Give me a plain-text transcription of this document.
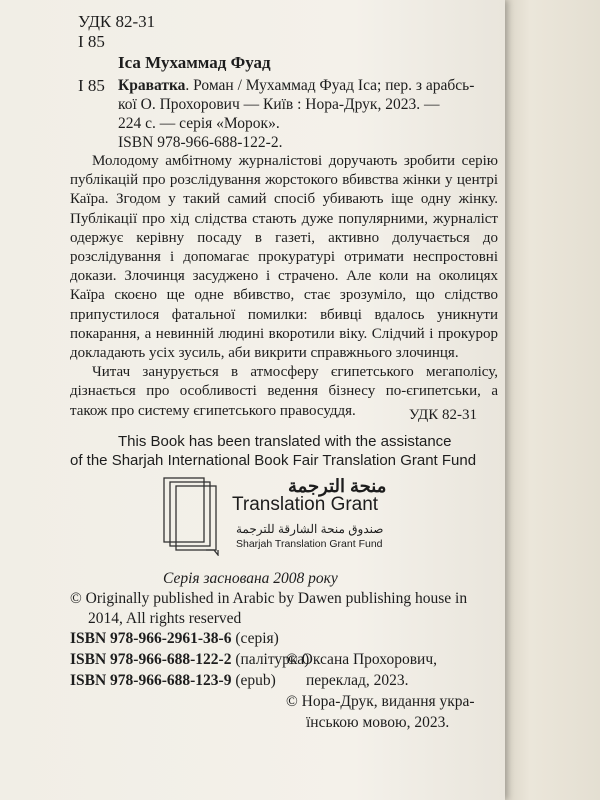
УДК 82-31
І 85
Іса Мухаммад Фуад
І 85 Краватка. Роман / Мухаммад Фуад Іса; пер. з арабсь-
кої О. Прохорович — Київ : Нора-Друк, 2023. —
224 с. — серія «Морок».
ISBN 978-966-688-122-2.

Молодому амбітному журналістові доручають зробити серію публікацій про розслідування жорстокого вбивства жінки у центрі Каїра. Згодом у такий самий спосіб убивають іще одну жінку. Публікації про хід слідства стають дуже популярними, журналіст одержує керівну посаду в газеті, активно долучається до розслідування і допомагає прокуратурі отримати неспростовні докази. Злочинця засуджено і страчено. Але коли на околицях Каїра скоєно ще одне вбивство, стає зрозуміло, що слідство припустилося фатальної помилки: вбивці вдалось уникнути покарання, а невинній людині вкоротили віку. Слідчий і прокурор докладають усіх зусиль, аби викрити справжнього злочинця.

Читач занурується в атмосферу єгипетського мегаполісу, дізнається про особливості ведення бізнесу по-єгипетськи, а також про систему єгипетського правосуддя.	УДК 82-31
This Book has been translated with the assistance
of the Sharjah International Book Fair Translation Grant Fund
منحة الترجمة
Translation Grant
صندوق منحة الشارقة للترجمة
Sharjah Translation Grant Fund
Серія заснована 2008 року
© Originally published in Arabic by Dawen publishing house in
2014, All rights reserved
ISBN 978-966-2961-38-6 (серія)
ISBN 978-966-688-122-2 (палітурка)
ISBN 978-966-688-123-9 (epub)
© Оксана Прохорович,
переклад, 2023.
© Нора-Друк, видання укра-
їнською мовою, 2023.
